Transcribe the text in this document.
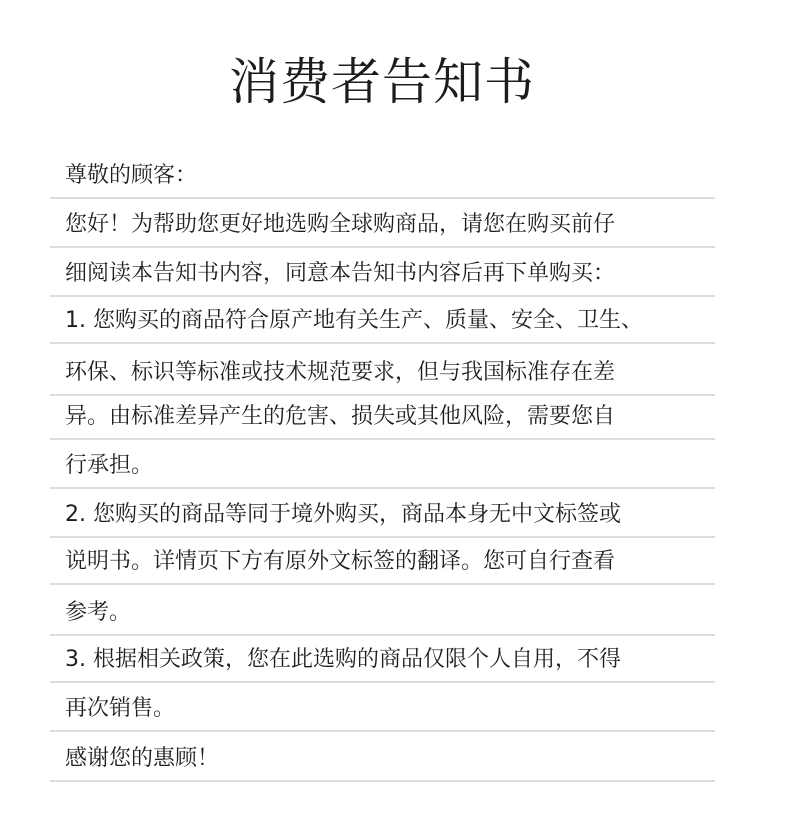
消费者告知书
尊敬的顾客：
您好！为帮助您更好地选购全球购商品，请您在购买前仔
细阅读本告知书内容，同意本告知书内容后再下单购买：
1. 您购买的商品符合原产地有关生产、质量、安全、卫生、
环保、标识等标准或技术规范要求，但与我国标准存在差
异。由标准差异产生的危害、损失或其他风险，需要您自
行承担。
2. 您购买的商品等同于境外购买，商品本身无中文标签或
说明书。详情页下方有原外文标签的翻译。您可自行查看
参考。
3. 根据相关政策，您在此选购的商品仅限个人自用，不得
再次销售。
感谢您的惠顾！
